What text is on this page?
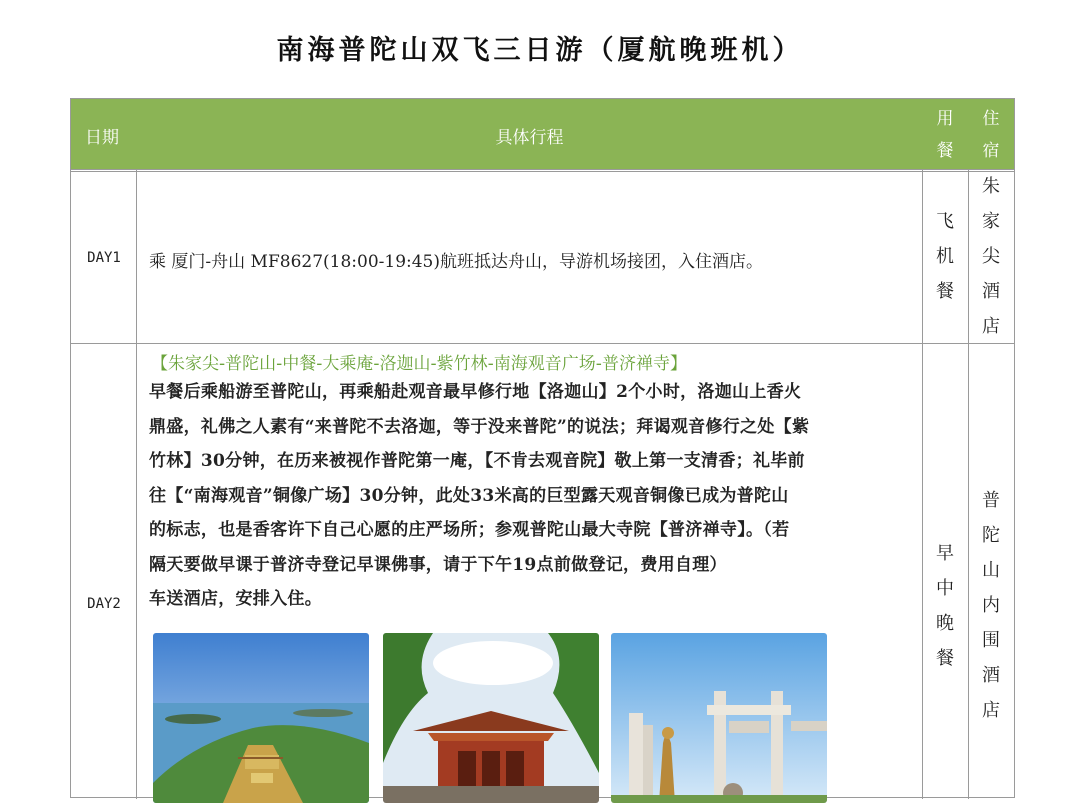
南海普陀山双飞三日游（厦航晚班机）
日期	具体行程
用
餐
住
宿
DAY1	乘 厦门-舟山 MF8627(18:00-19:45)航班抵达舟山，导游机场接团，入住酒店。
飞
机
餐
朱
家
尖
酒
店
DAY2
【朱家尖-普陀山-中餐-大乘庵-洛迦山-紫竹林-南海观音广场-普济禅寺】

早餐后乘船游至普陀山，再乘船赴观音最早修行地【洛迦山】2个小时，洛迦山上香火

鼎盛，礼佛之人素有“来普陀不去洛迦，等于没来普陀”的说法；拜谒观音修行之处【紫

竹林】30分钟，在历来被视作普陀第一庵，【不肯去观音院】敬上第一支清香；礼毕前

往【“南海观音”铜像广场】30分钟，此处33米高的巨型露天观音铜像已成为普陀山

的标志，也是香客许下自己心愿的庄严场所；参观普陀山最大寺院【普济禅寺】。（若

隔天要做早课于普济寺登记早课佛事，请于下午19点前做登记，费用自理）

车送酒店，安排入住。

早
中
晚
餐
普
陀
山
内
围
酒
店
